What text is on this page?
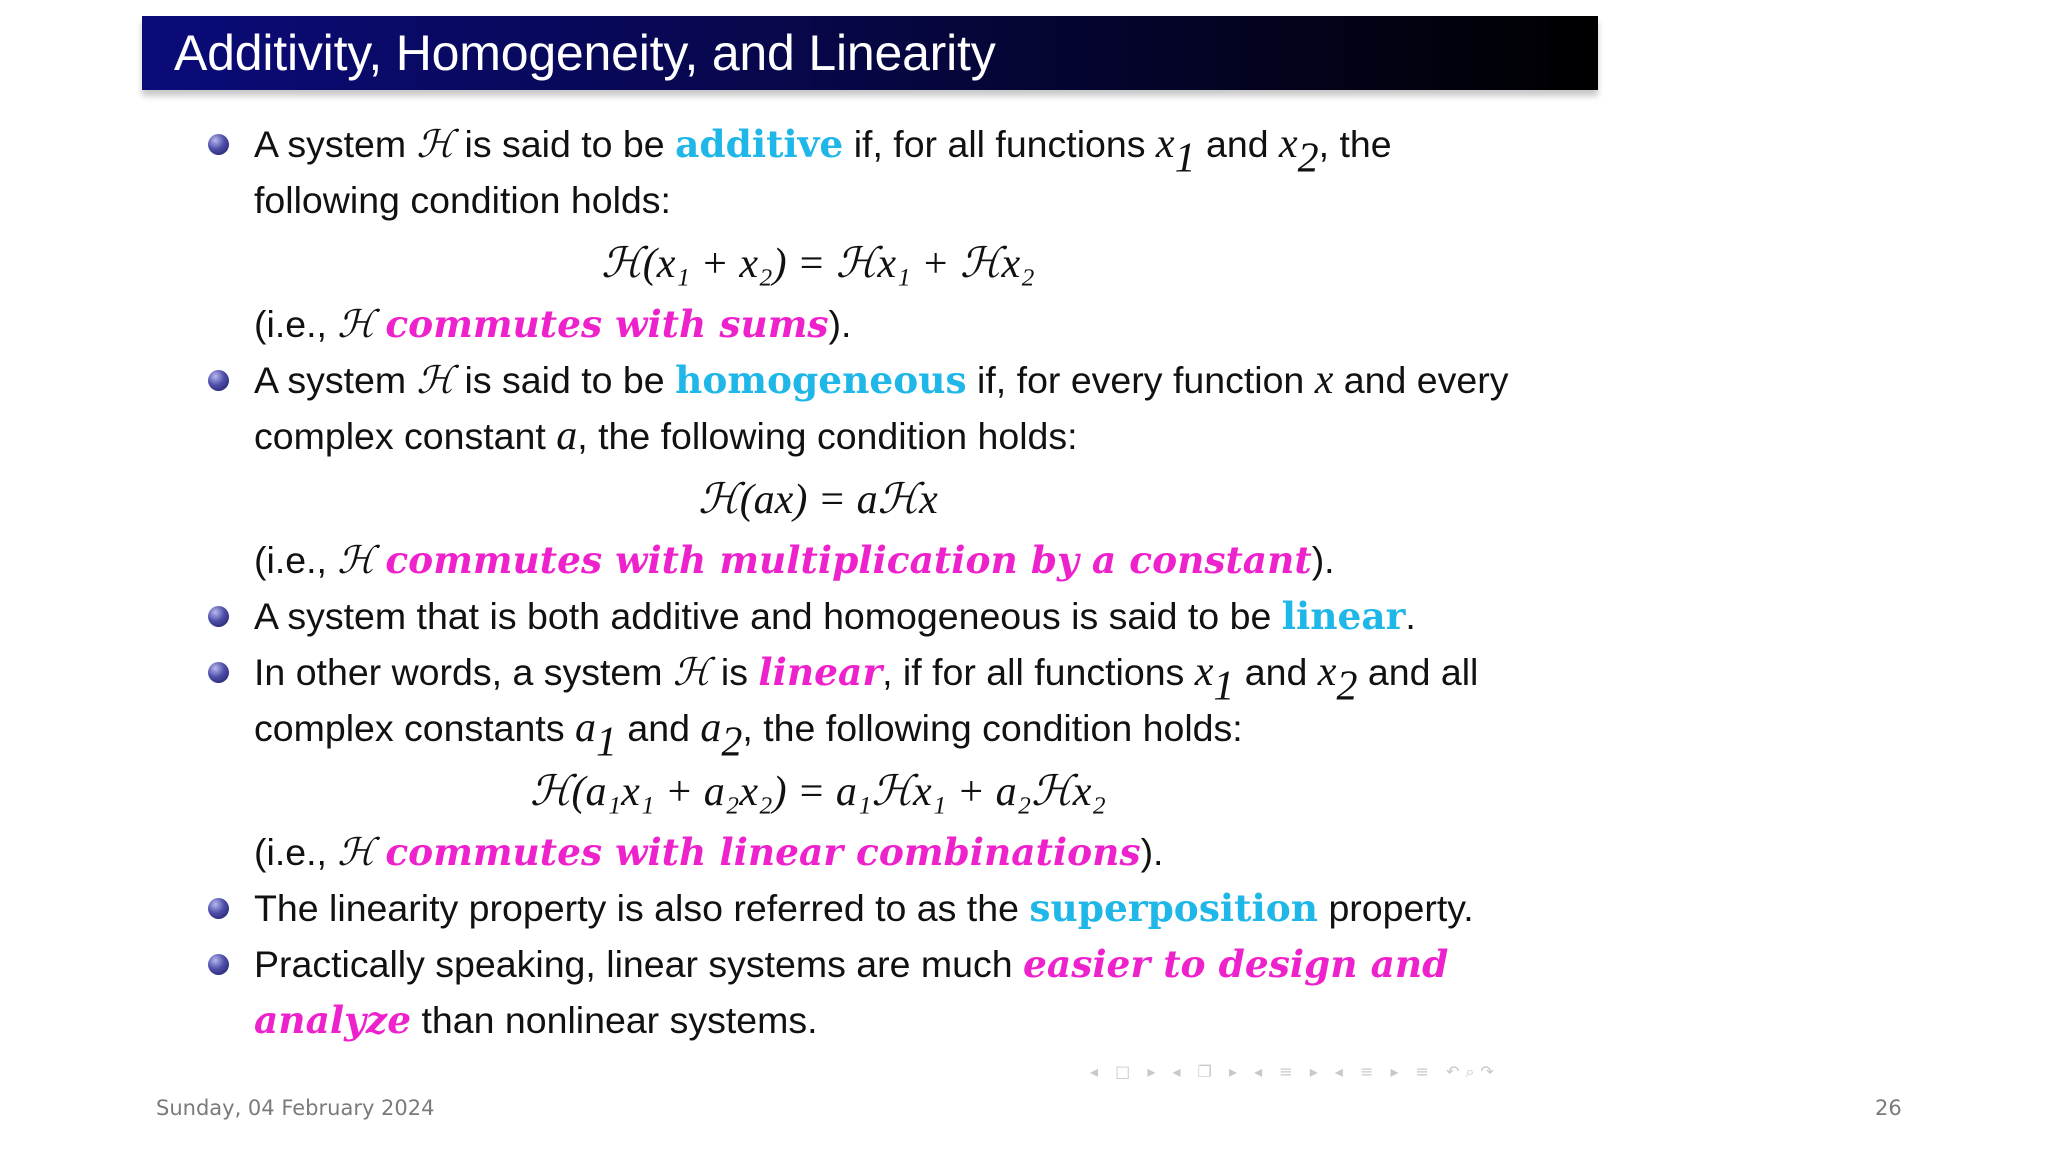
Additivity, Homogeneity, and Linearity
A system ℋ is said to be additive if, for all functions $x_1$ and $x_2$, the
following condition holds:
ℋ(x₁ + x₂) = ℋx₁ + ℋx₂
(i.e., ℋ commutes with sums).
A system ℋ is said to be homogeneous if, for every function x and every
complex constant a, the following condition holds:
ℋ(ax) = aℋx
(i.e., ℋ commutes with multiplication by a constant).
A system that is both additive and homogeneous is said to be linear.
In other words, a system ℋ is linear, if for all functions $x_1$ and $x_2$ and all
complex constants $a_1$ and $a_2$, the following condition holds:
ℋ(a₁x₁ + a₂x₂) = a₁ℋx₁ + a₂ℋx₂
(i.e., ℋ commutes with linear combinations).
The linearity property is also referred to as the superposition property.
Practically speaking, linear systems are much easier to design and
analyze than nonlinear systems.
◂ □ ▸ ◂ ❐ ▸ ◂ ≡ ▸ ◂ ≡ ▸ ≡ ↶⌕↷
Sunday, 04 February 2024	26
